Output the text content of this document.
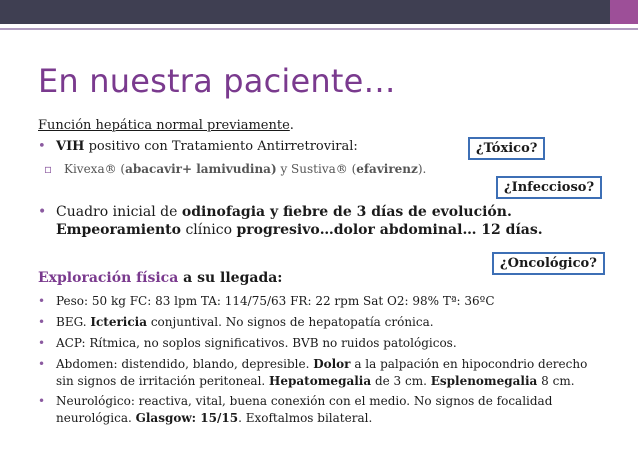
En nuestra paciente…
Función hepática normal previamente.
• VIH positivo con Tratamiento Antirretroviral:
▫ Kivexa® (abacavir+ lamivudina) y Sustiva® (efavirenz).
• Cuadro inicial de odinofagia y fiebre de 3 días de evolución.
Empeoramiento clínico progresivo…dolor abdominal… 12 días.
Exploración física a su llegada:
• Peso: 50 kg FC: 83 lpm TA: 114/75/63 FR: 22 rpm Sat O2: 98% Tª: 36ºC
• BEG. Ictericia conjuntival. No signos de hepatopatía crónica.
• ACP: Rítmica, no soplos significativos. BVB no ruidos patológicos.
• Abdomen: distendido, blando, depresible. Dolor a la palpación en hipocondrio derecho
sin signos de irritación peritoneal. Hepatomegalia de 3 cm. Esplenomegalia 8 cm.
• Neurológico: reactiva, vital, buena conexión con el medio. No signos de focalidad
neurológica. Glasgow: 15/15. Exoftalmos bilateral.
¿Tóxico?
¿Infeccioso?
¿Oncológico?
